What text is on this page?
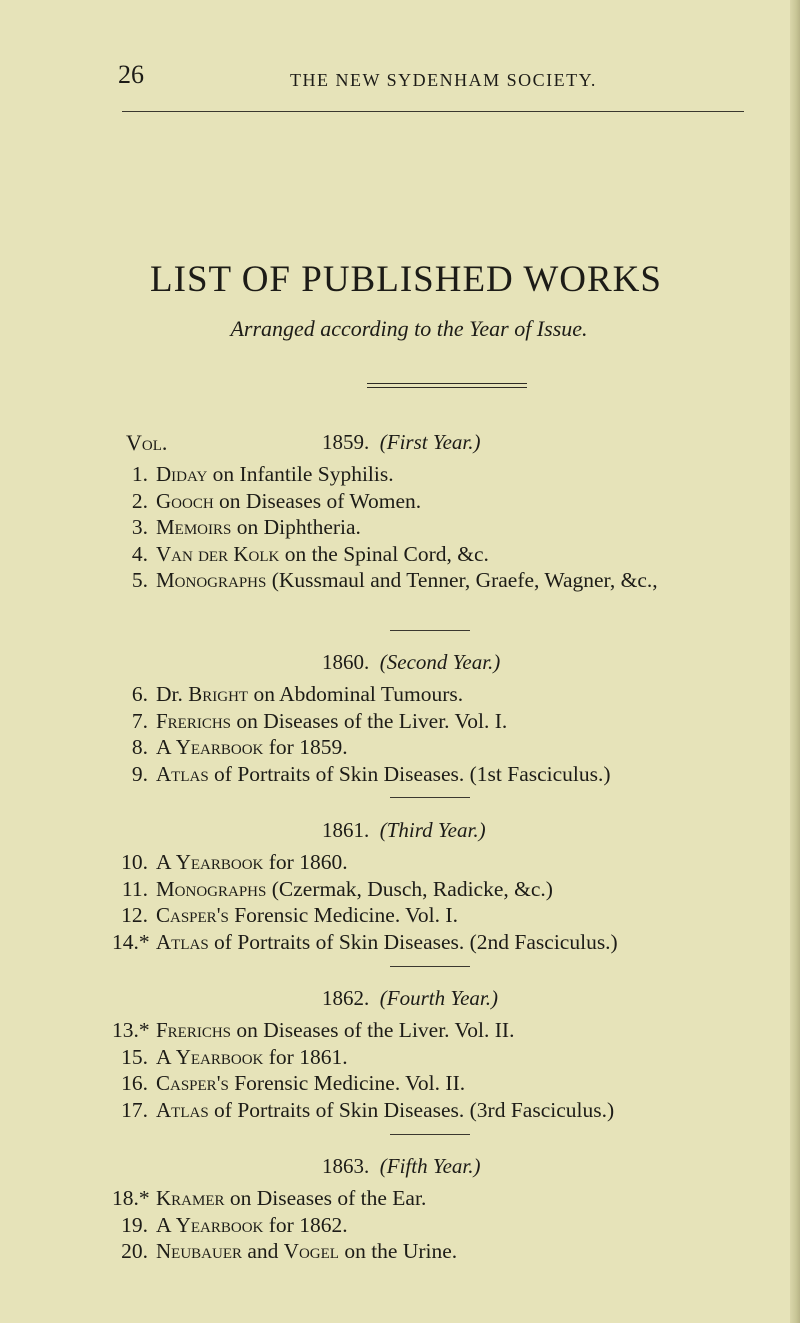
26	THE NEW SYDENHAM SOCIETY.
LIST OF PUBLISHED WORKS
Arranged according to the Year of Issue.
Vol.	1859. (First Year.)
1. Diday on Infantile Syphilis.
2. Gooch on Diseases of Women.
3. Memoirs on Diphtheria.
4. Van der Kolk on the Spinal Cord, &c.
5. Monographs (Kussmaul and Tenner, Graefe, Wagner, &c.,
1860. (Second Year.)
6. Dr. Bright on Abdominal Tumours.
7. Frerichs on Diseases of the Liver. Vol. I.
8. A Yearbook for 1859.
9. Atlas of Portraits of Skin Diseases. (1st Fasciculus.)
1861. (Third Year.)
10. A Yearbook for 1860.
11. Monographs (Czermak, Dusch, Radicke, &c.)
12. Casper's Forensic Medicine. Vol. I.
14.* Atlas of Portraits of Skin Diseases. (2nd Fasciculus.)
1862. (Fourth Year.)
13.* Frerichs on Diseases of the Liver. Vol. II.
15. A Yearbook for 1861.
16. Casper's Forensic Medicine. Vol. II.
17. Atlas of Portraits of Skin Diseases. (3rd Fasciculus.)
1863. (Fifth Year.)
18.* Kramer on Diseases of the Ear.
19. A Yearbook for 1862.
20. Neubauer and Vogel on the Urine.
